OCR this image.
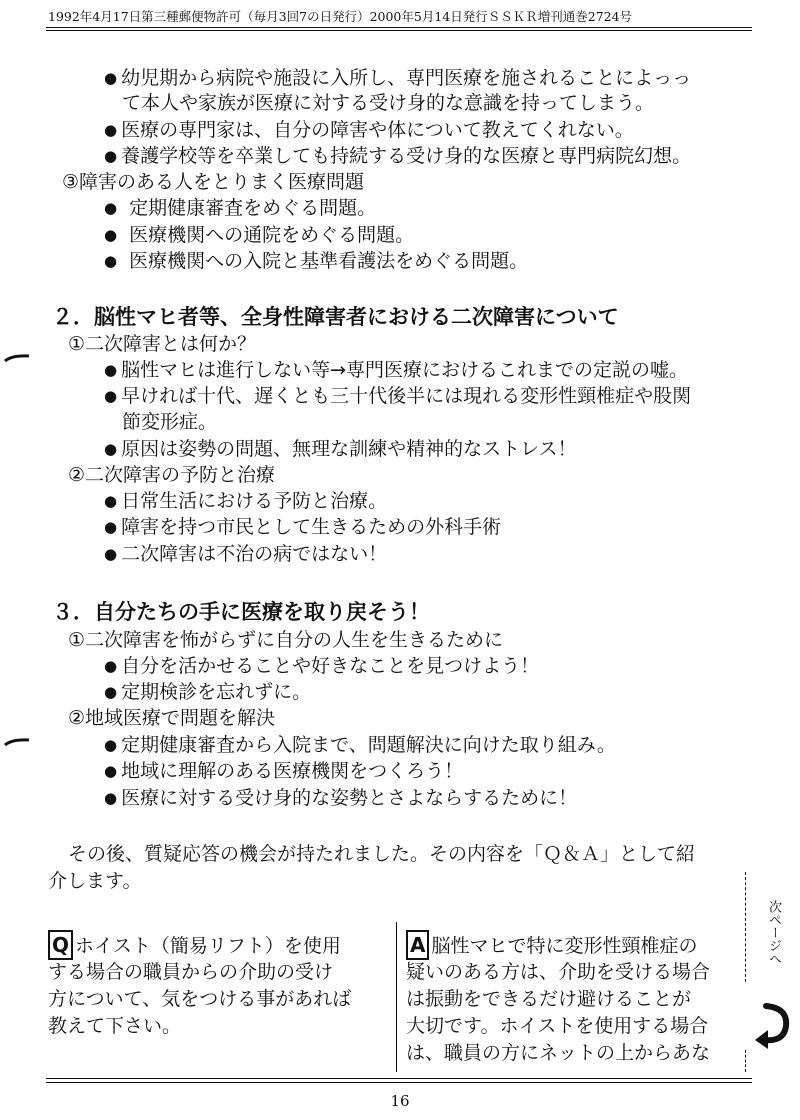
1992年4月17日第三種郵便物許可（毎月3回7の日発行）2000年5月14日発行ＳＳＫＲ増刊通巻2724号
● 幼児期から病院や施設に入所し、専門医療を施されることによっっ
て本人や家族が医療に対する受け身的な意識を持ってしまう。
● 医療の専門家は、自分の障害や体について教えてくれない。
● 養護学校等を卒業しても持続する受け身的な医療と専門病院幻想。
③障害のある人をとりまく医療問題
● 定期健康審査をめぐる問題。
● 医療機関への通院をめぐる問題。
● 医療機関への入院と基準看護法をめぐる問題。
２．脳性マヒ者等、全身性障害者における二次障害について
①二次障害とは何か？
● 脳性マヒは進行しない等→専門医療におけるこれまでの定説の嘘。
● 早ければ十代、遅くとも三十代後半には現れる変形性頸椎症や股関
節変形症。
● 原因は姿勢の問題、無理な訓練や精神的なストレス！
②二次障害の予防と治療
● 日常生活における予防と治療。
● 障害を持つ市民として生きるための外科手術
● 二次障害は不治の病ではない！
３．自分たちの手に医療を取り戻そう！
①二次障害を怖がらずに自分の人生を生きるために
● 自分を活かせることや好きなことを見つけよう！
● 定期検診を忘れずに。
②地域医療で問題を解決
● 定期健康審査から入院まで、問題解決に向けた取り組み。
● 地域に理解のある医療機関をつくろう！
● 医療に対する受け身的な姿勢とさよならするために！
その後、質疑応答の機会が持たれました。その内容を「Ｑ＆Ａ」として紹
介します。
Q ホイスト（簡易リフト）を使用
する場合の職員からの介助の受け
方について、気をつける事があれば
教えて下さい。
A 脳性マヒで特に変形性頸椎症の
疑いのある方は、介助を受ける場合
は振動をできるだけ避けることが
大切です。ホイストを使用する場合
は、職員の方にネットの上からあな
次ページへ
16
